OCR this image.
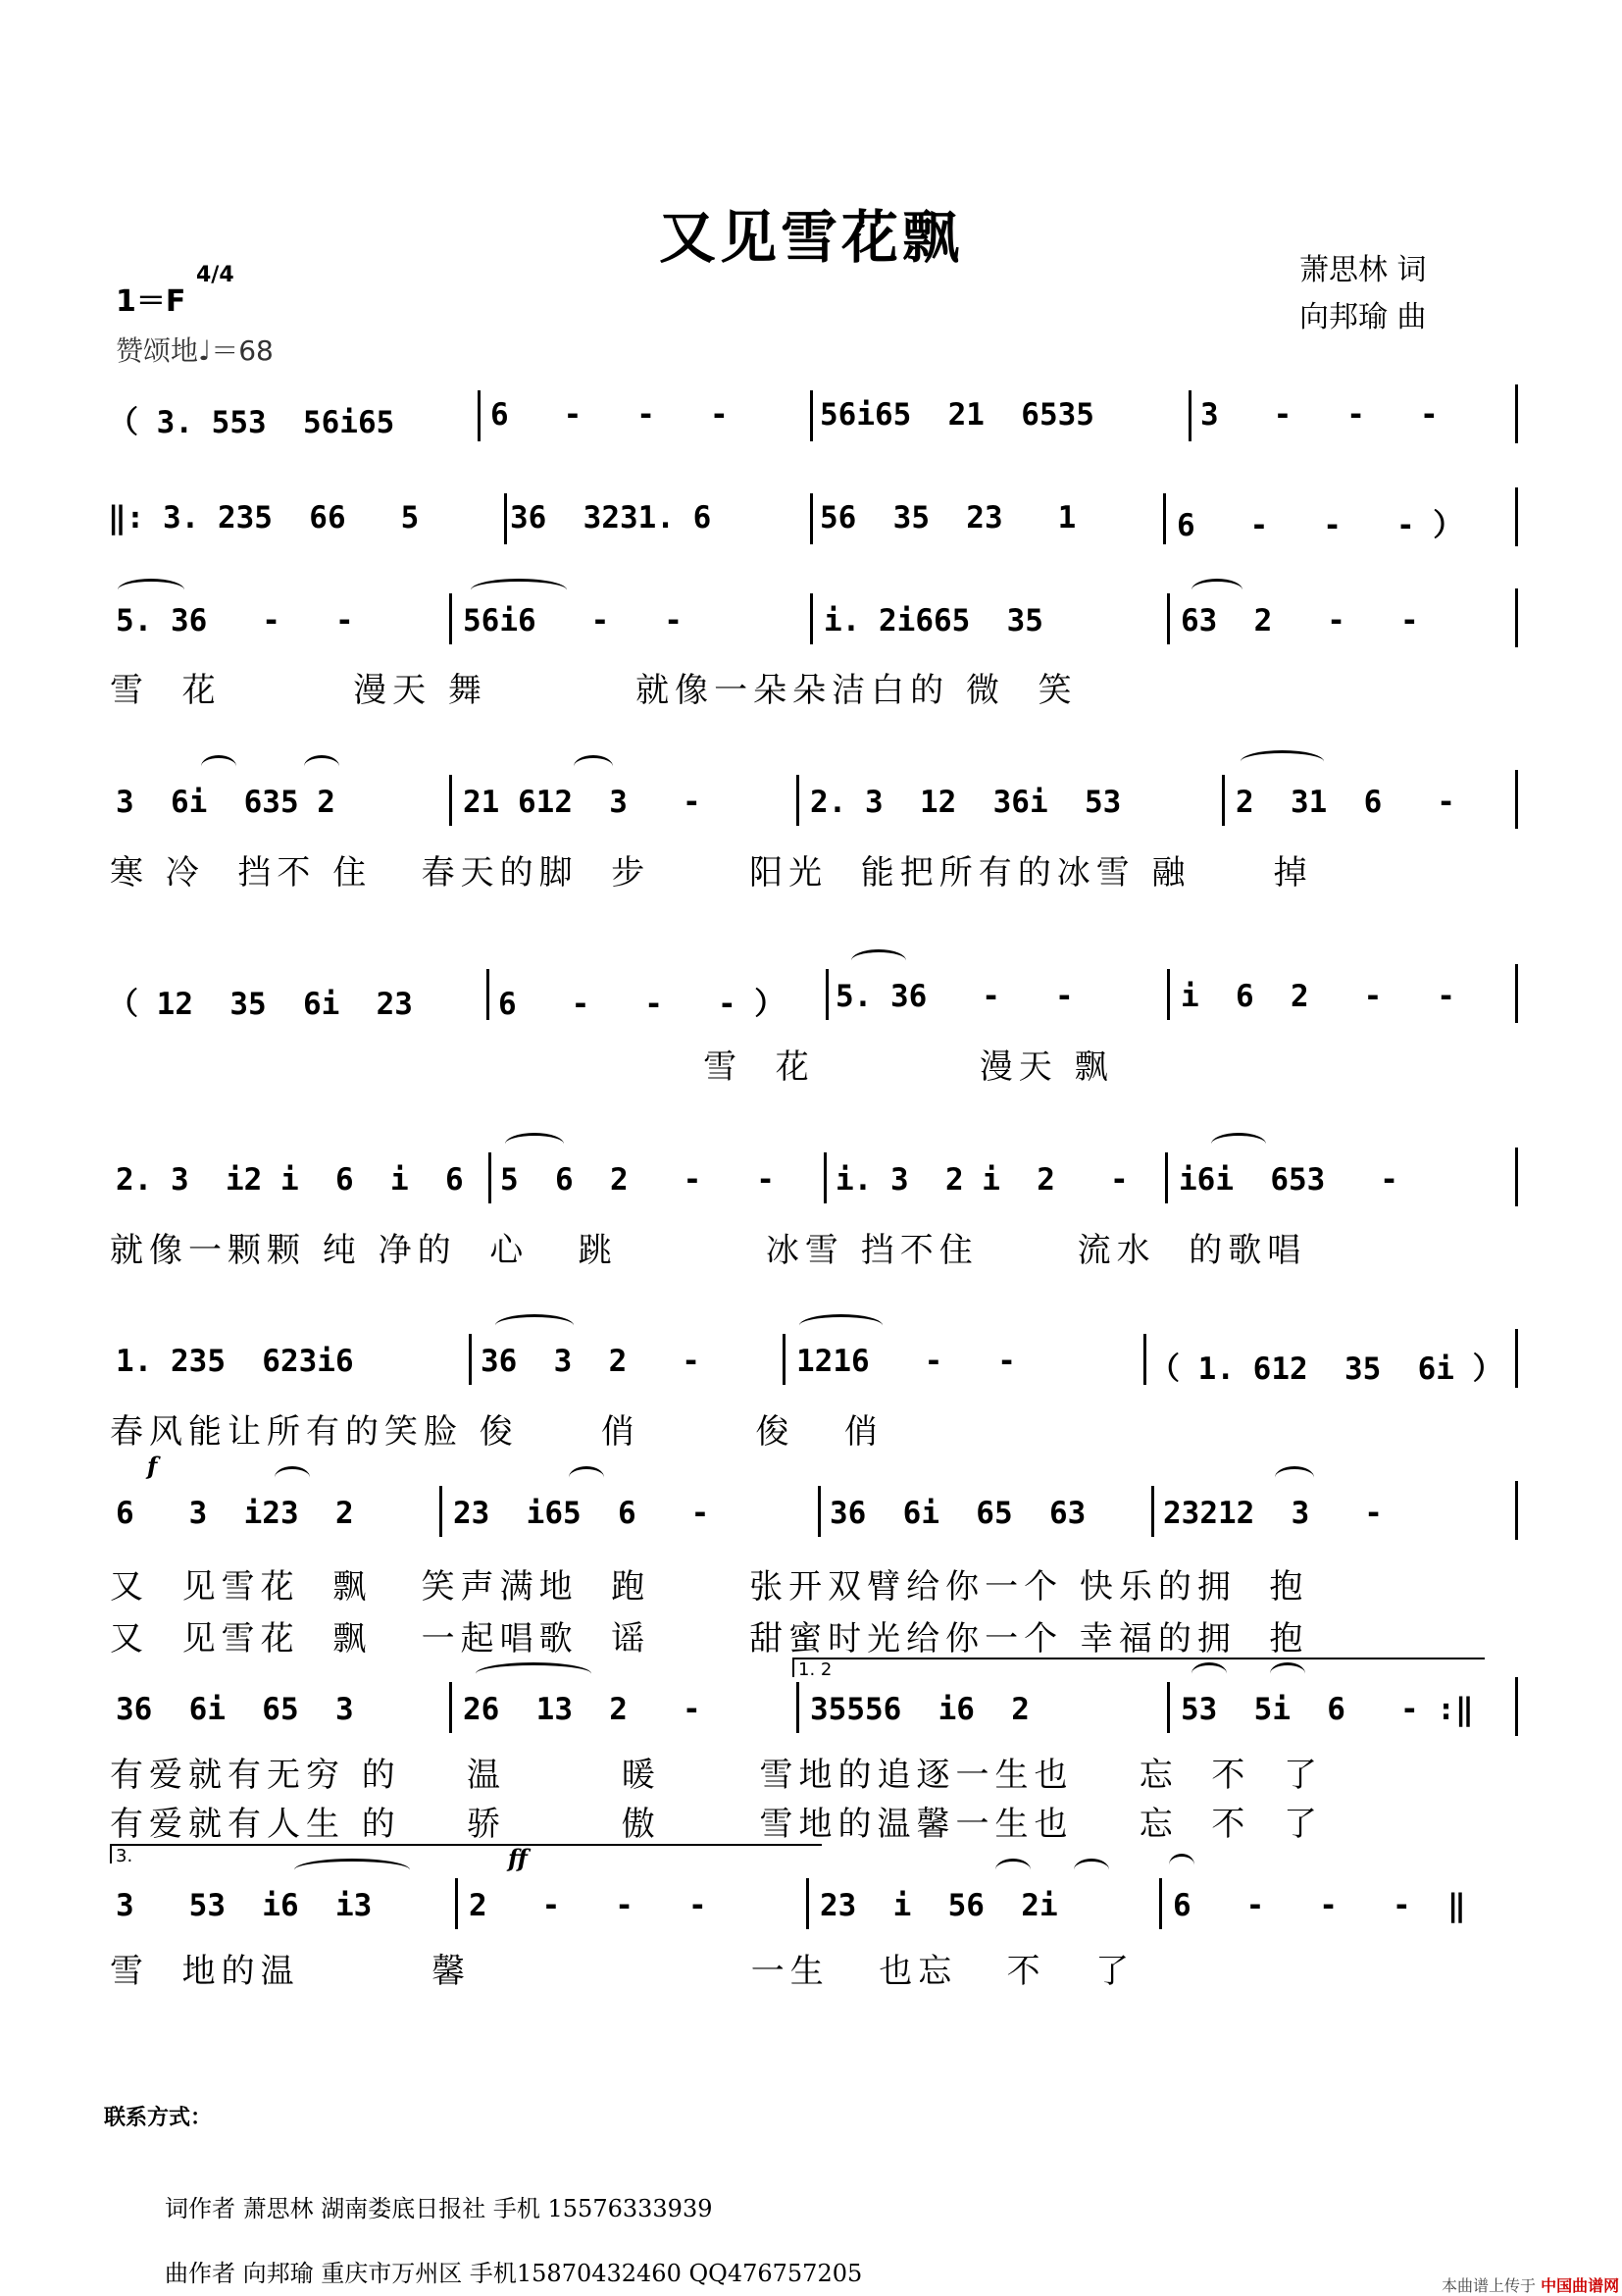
又见雪花飘	萧思林 词
向邦瑜 曲
1＝F
4/4
赞颂地♩＝68
（ 3. 553  56i65	6   -   -   -	56i65  21  6535	3   -   -   -
‖: 3. 235  66   5	36  3231. 6	56  35  23   1	6   -   -   - ）
5. 36   -   -	56i6   -   -	i. 2i665  35	63  2   -   -
雪  花        漫天 舞         就像一朵朵洁白的 微  笑
3  6i  635 2	21 612  3   -	2. 3  12  36i  53	2  31  6   -
寒 冷  挡不 住   春天的脚  步      阳光  能把所有的冰雪 融     掉
（ 12  35  6i  23	6   -   -   - ） 5. 36   -   -	i  6  2   -   -
雪  花          漫天 飘
2. 3  i2 i  6  i  6 5  6  2   -   - i. 3  2 i  2   - i6i  653   -
就像一颗颗 纯 净的  心   跳         冰雪 挡不住      流水  的歌唱
1. 235  623i6	36  3  2   -	1216   -   -	（ 1. 612  35  6i ）
春风能让所有的笑脸 俊     俏       俊   俏
f
6   3  i23  2	23  i65  6   -	36  6i  65  63	23212  3   -
又  见雪花  飘   笑声满地  跑      张开双臂给你一个 快乐的拥  抱
又  见雪花  飘   一起唱歌  谣      甜蜜时光给你一个 幸福的拥  抱
1. 2
36  6i  65  3	26  13  2   -	35556  i6  2	53  5i  6   - :‖
有爱就有无穷 的    温       暖      雪地的追逐一生也    忘  不  了
有爱就有人生 的    骄       傲      雪地的温馨一生也    忘  不  了
3.	ff
3   53  i6  i3	2   -   -   -	23  i  56  2i	6   -   -   -  ‖
雪  地的温        馨                 一生   也忘   不   了
联系方式：
词作者 萧思林 湖南娄底日报社 手机 15576333939
曲作者 向邦瑜 重庆市万州区 手机15870432460 QQ476757205	本曲谱上传于 中国曲谱网
